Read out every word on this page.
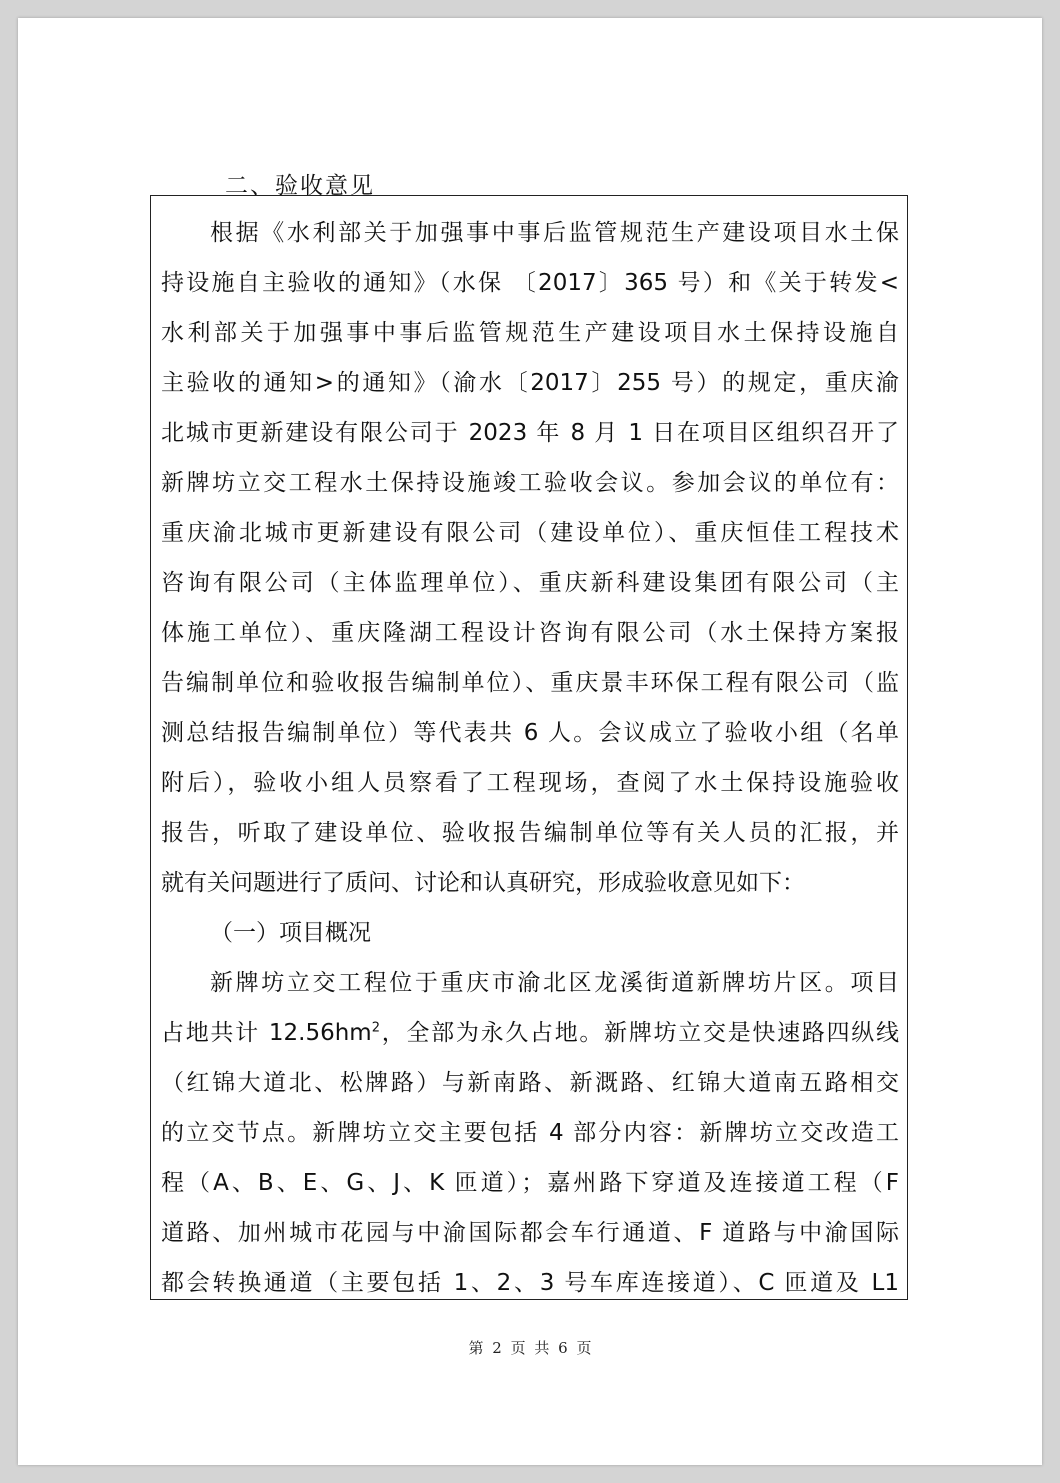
二、验收意见
根据《水利部关于加强事中事后监管规范生产建设项目水土保
持设施自主验收的通知》（水保 〔2017〕365 号）和《关于转发<
水利部关于加强事中事后监管规范生产建设项目水土保持设施自
主验收的通知>的通知》（渝水〔2017〕255 号）的规定，重庆渝
北城市更新建设有限公司于 2023 年 8 月 1 日在项目区组织召开了
新牌坊立交工程水土保持设施竣工验收会议。参加会议的单位有：
重庆渝北城市更新建设有限公司（建设单位）、重庆恒佳工程技术
咨询有限公司（主体监理单位）、重庆新科建设集团有限公司（主
体施工单位）、重庆隆湖工程设计咨询有限公司（水土保持方案报
告编制单位和验收报告编制单位）、重庆景丰环保工程有限公司（监
测总结报告编制单位）等代表共 6 人。会议成立了验收小组（名单
附后），验收小组人员察看了工程现场，查阅了水土保持设施验收
报告，听取了建设单位、验收报告编制单位等有关人员的汇报，并
就有关问题进行了质问、讨论和认真研究，形成验收意见如下：
（一）项目概况
新牌坊立交工程位于重庆市渝北区龙溪街道新牌坊片区。项目
占地共计 $12.56hm^2$，全部为永久占地。新牌坊立交是快速路四纵线
（红锦大道北、松牌路）与新南路、新溉路、红锦大道南五路相交
的立交节点。新牌坊立交主要包括 4 部分内容：新牌坊立交改造工
程（A、B、E、G、J、K 匝道）；嘉州路下穿道及连接道工程（F
道路、加州城市花园与中渝国际都会车行通道、F 道路与中渝国际
都会转换通道（主要包括 1、2、3 号车库连接道）、C 匝道及 L1
第 2 页 共 6 页
